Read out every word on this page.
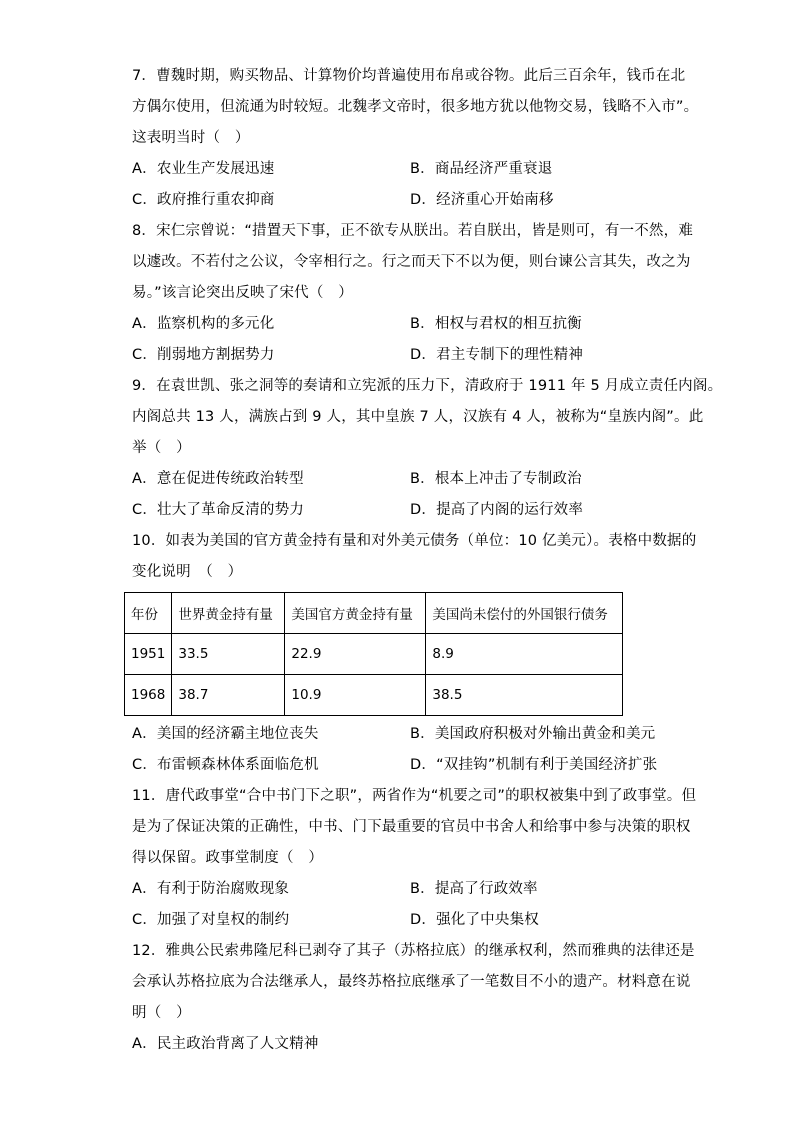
7．曹魏时期，购买物品、计算物价均普遍使用布帛或谷物。此后三百余年，钱币在北
方偶尔使用，但流通为时较短。北魏孝文帝时，很多地方犹以他物交易，钱略不入市”。
这表明当时（　）
A．农业生产发展迅速	B．商品经济严重衰退
C．政府推行重农抑商	D．经济重心开始南移
8．宋仁宗曾说：“措置天下事，正不欲专从朕出。若自朕出，皆是则可，有一不然，难
以遽改。不若付之公议，令宰相行之。行之而天下不以为便，则台谏公言其失，改之为
易。”该言论突出反映了宋代（　）
A．监察机构的多元化	B．相权与君权的相互抗衡
C．削弱地方割据势力	D．君主专制下的理性精神
9．在袁世凯、张之洞等的奏请和立宪派的压力下，清政府于 1911 年 5 月成立责任内阁。
内阁总共 13 人，满族占到 9 人，其中皇族 7 人，汉族有 4 人，被称为“皇族内阁”。此
举（　）
A．意在促进传统政治转型	B．根本上冲击了专制政治
C．壮大了革命反清的势力	D．提高了内阁的运行效率
10．如表为美国的官方黄金持有量和对外美元债务（单位：10 亿美元）。表格中数据的
变化说明　（　）
年份	世界黄金持有量	美国官方黄金持有量	美国尚未偿付的外国银行债务
1951	33.5	22.9	8.9
1968	38.7	10.9	38.5
A．美国的经济霸主地位丧失	B．美国政府积极对外输出黄金和美元
C．布雷顿森林体系面临危机	D．“双挂钩”机制有利于美国经济扩张
11．唐代政事堂“合中书门下之职”，两省作为“机要之司”的职权被集中到了政事堂。但
是为了保证决策的正确性，中书、门下最重要的官员中书舍人和给事中参与决策的职权
得以保留。政事堂制度（　）
A．有利于防治腐败现象	B．提高了行政效率
C．加强了对皇权的制约	D．强化了中央集权
12．雅典公民索弗隆尼科已剥夺了其子（苏格拉底）的继承权利，然而雅典的法律还是
会承认苏格拉底为合法继承人，最终苏格拉底继承了一笔数目不小的遗产。材料意在说
明（　）
A．民主政治背离了人文精神
